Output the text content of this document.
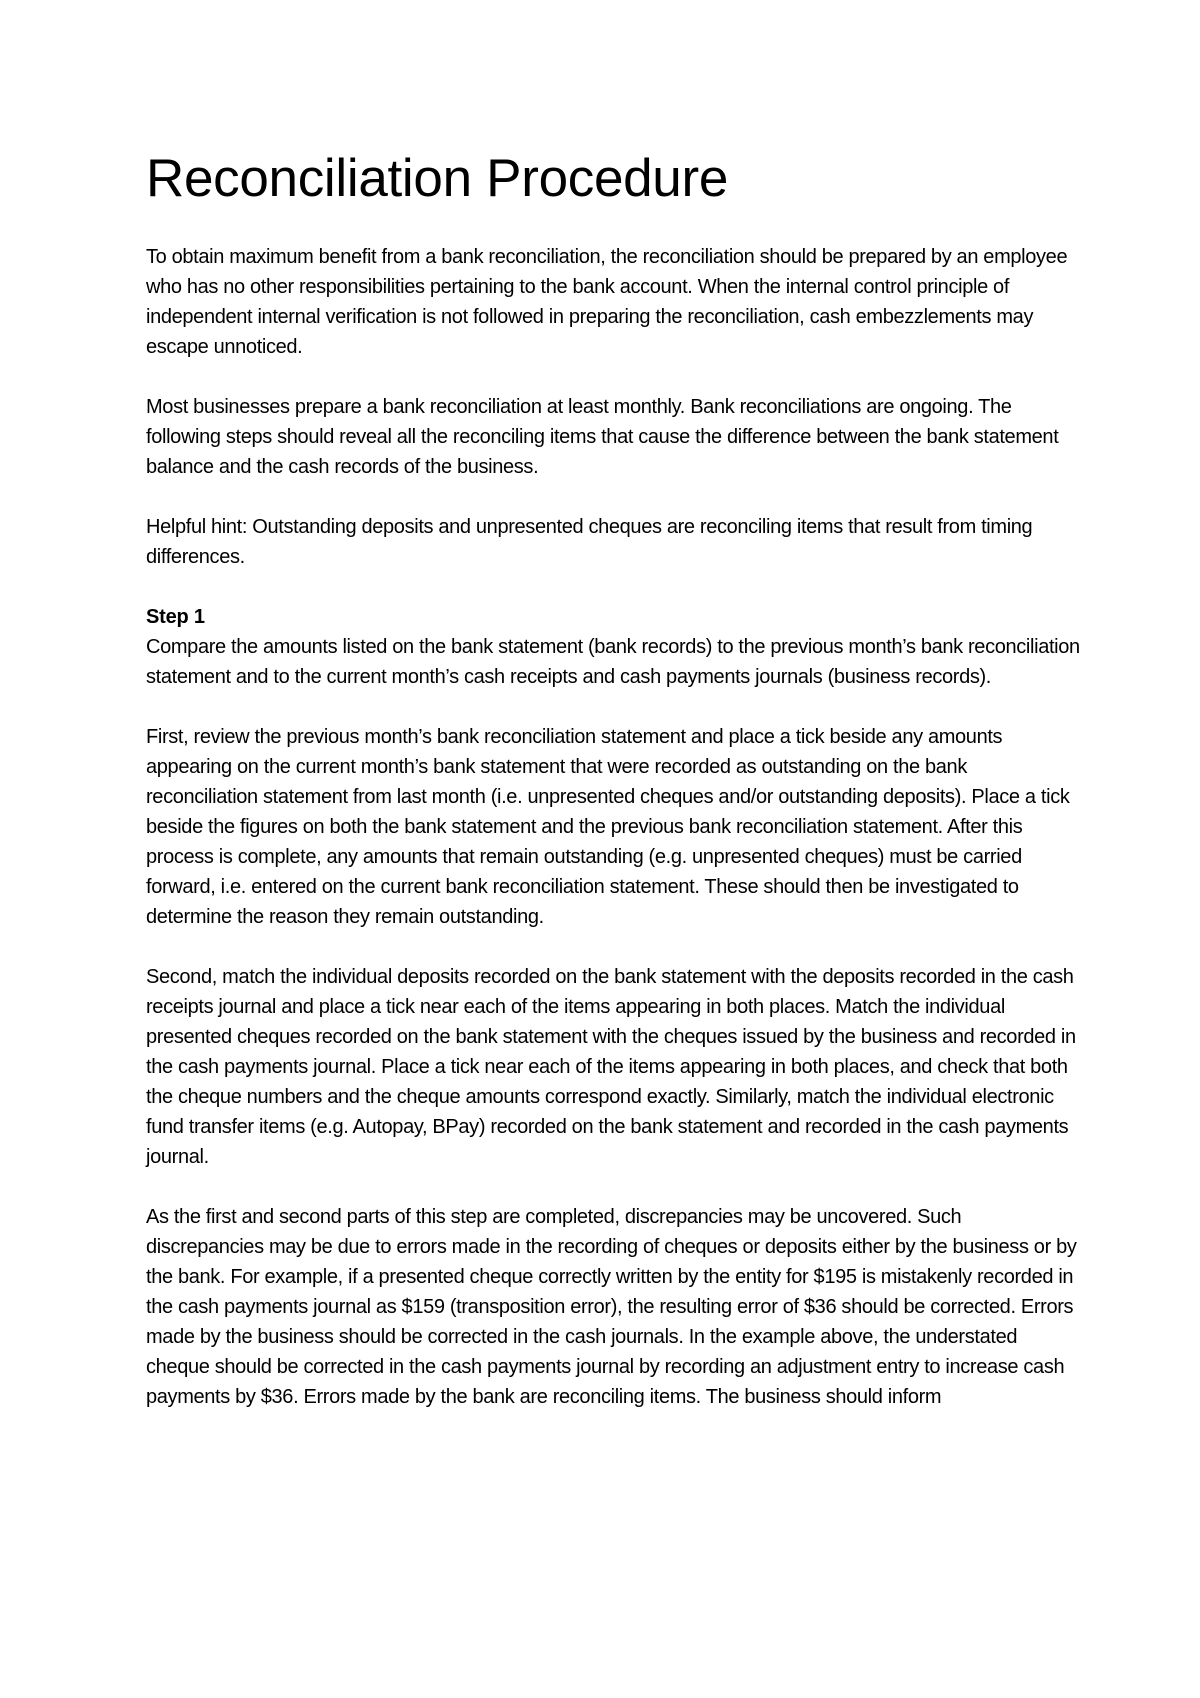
Reconciliation Procedure

To obtain maximum benefit from a bank reconciliation, the reconciliation should be prepared by an employee who has no other responsibilities pertaining to the bank account. When the internal control principle of independent internal verification is not followed in preparing the reconciliation, cash embezzlements may escape unnoticed.

Most businesses prepare a bank reconciliation at least monthly. Bank reconciliations are ongoing. The following steps should reveal all the reconciling items that cause the difference between the bank statement balance and the cash records of the business.

Helpful hint: Outstanding deposits and unpresented cheques are reconciling items that result from timing differences.

Step 1

Compare the amounts listed on the bank statement (bank records) to the previous month’s bank reconciliation statement and to the current month’s cash receipts and cash payments journals (business records).

First, review the previous month’s bank reconciliation statement and place a tick beside any amounts appearing on the current month’s bank statement that were recorded as outstanding on the bank reconciliation statement from last month (i.e. unpresented cheques and/or outstanding deposits). Place a tick beside the figures on both the bank statement and the previous bank reconciliation statement. After this process is complete, any amounts that remain outstanding (e.g. unpresented cheques) must be carried forward, i.e. entered on the current bank reconciliation statement. These should then be investigated to determine the reason they remain outstanding.

Second, match the individual deposits recorded on the bank statement with the deposits recorded in the cash receipts journal and place a tick near each of the items appearing in both places. Match the individual presented cheques recorded on the bank statement with the cheques issued by the business and recorded in the cash payments journal. Place a tick near each of the items appearing in both places, and check that both the cheque numbers and the cheque amounts correspond exactly. Similarly, match the individual electronic fund transfer items (e.g. Autopay, BPay) recorded on the bank statement and recorded in the cash payments journal.

As the first and second parts of this step are completed, discrepancies may be uncovered. Such discrepancies may be due to errors made in the recording of cheques or deposits either by the business or by the bank. For example, if a presented cheque correctly written by the entity for $195 is mistakenly recorded in the cash payments journal as $159 (transposition error), the resulting error of $36 should be corrected. Errors made by the business should be corrected in the cash journals. In the example above, the understated cheque should be corrected in the cash payments journal by recording an adjustment entry to increase cash payments by $36. Errors made by the bank are reconciling items. The business should inform
